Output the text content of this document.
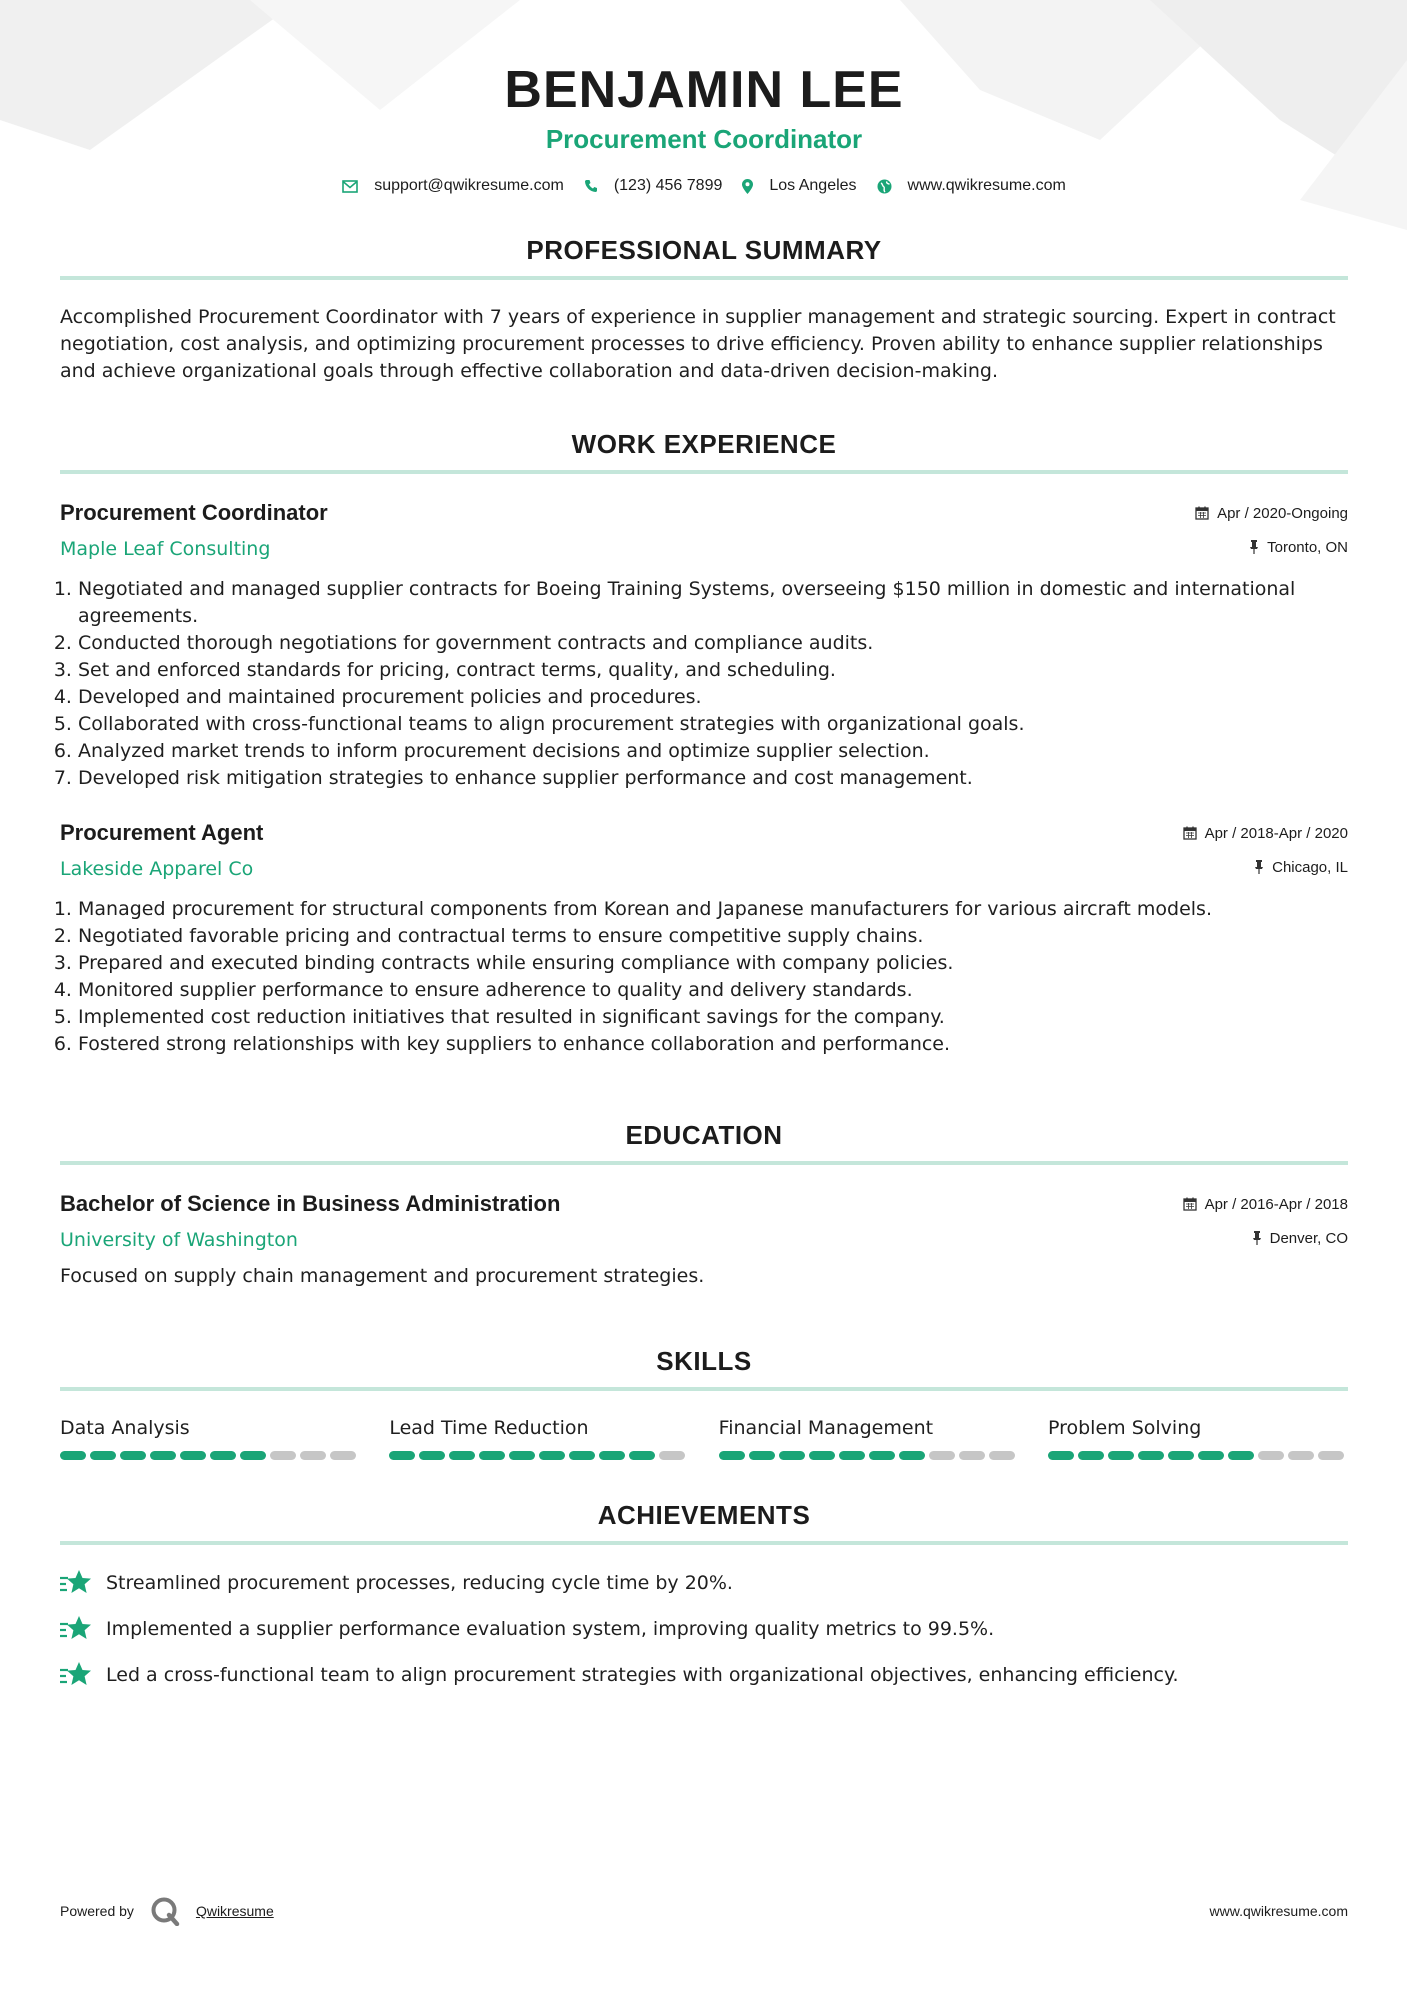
BENJAMIN LEE
Procurement Coordinator
support@qwikresume.com	(123) 456 7899	Los Angeles	www.qwikresume.com
PROFESSIONAL SUMMARY

Accomplished Procurement Coordinator with 7 years of experience in supplier management and strategic sourcing. Expert in contract negotiation, cost analysis, and optimizing procurement processes to drive efficiency. Proven ability to enhance supplier relationships and achieve organizational goals through effective collaboration and data-driven decision-making.

WORK EXPERIENCE
Procurement Coordinator
Maple Leaf Consulting
Apr / 2020-Ongoing
Toronto, ON
1. Negotiated and managed supplier contracts for Boeing Training Systems, overseeing $150 million in domestic and international agreements.
2. Conducted thorough negotiations for government contracts and compliance audits.
3. Set and enforced standards for pricing, contract terms, quality, and scheduling.
4. Developed and maintained procurement policies and procedures.
5. Collaborated with cross-functional teams to align procurement strategies with organizational goals.
6. Analyzed market trends to inform procurement decisions and optimize supplier selection.
7. Developed risk mitigation strategies to enhance supplier performance and cost management.
Procurement Agent
Lakeside Apparel Co
Apr / 2018-Apr / 2020
Chicago, IL
1. Managed procurement for structural components from Korean and Japanese manufacturers for various aircraft models.
2. Negotiated favorable pricing and contractual terms to ensure competitive supply chains.
3. Prepared and executed binding contracts while ensuring compliance with company policies.
4. Monitored supplier performance to ensure adherence to quality and delivery standards.
5. Implemented cost reduction initiatives that resulted in significant savings for the company.
6. Fostered strong relationships with key suppliers to enhance collaboration and performance.
EDUCATION
Bachelor of Science in Business Administration
University of Washington
Apr / 2016-Apr / 2018
Denver, CO
Focused on supply chain management and procurement strategies.
SKILLS
Data Analysis	Lead Time Reduction	Financial Management	Problem Solving
ACHIEVEMENTS
Streamlined procurement processes, reducing cycle time by 20%.
Implemented a supplier performance evaluation system, improving quality metrics to 99.5%.
Led a cross-functional team to align procurement strategies with organizational objectives, enhancing efficiency.
Powered by	Qwikresume	www.qwikresume.com
